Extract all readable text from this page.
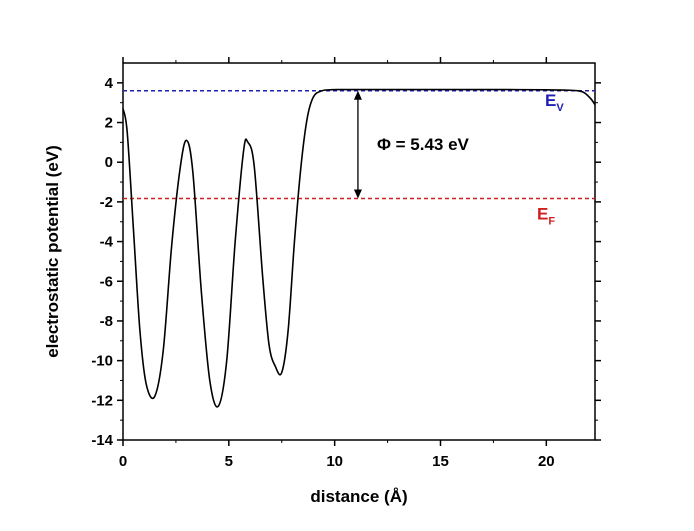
4
2
0
-2
-4
-6
-8
-10
-12
-14
0	5	10	15	20
$E_V$
$E_F$
Φ = 5.43 eV
distance (Å)
electrostatic potential (eV)
